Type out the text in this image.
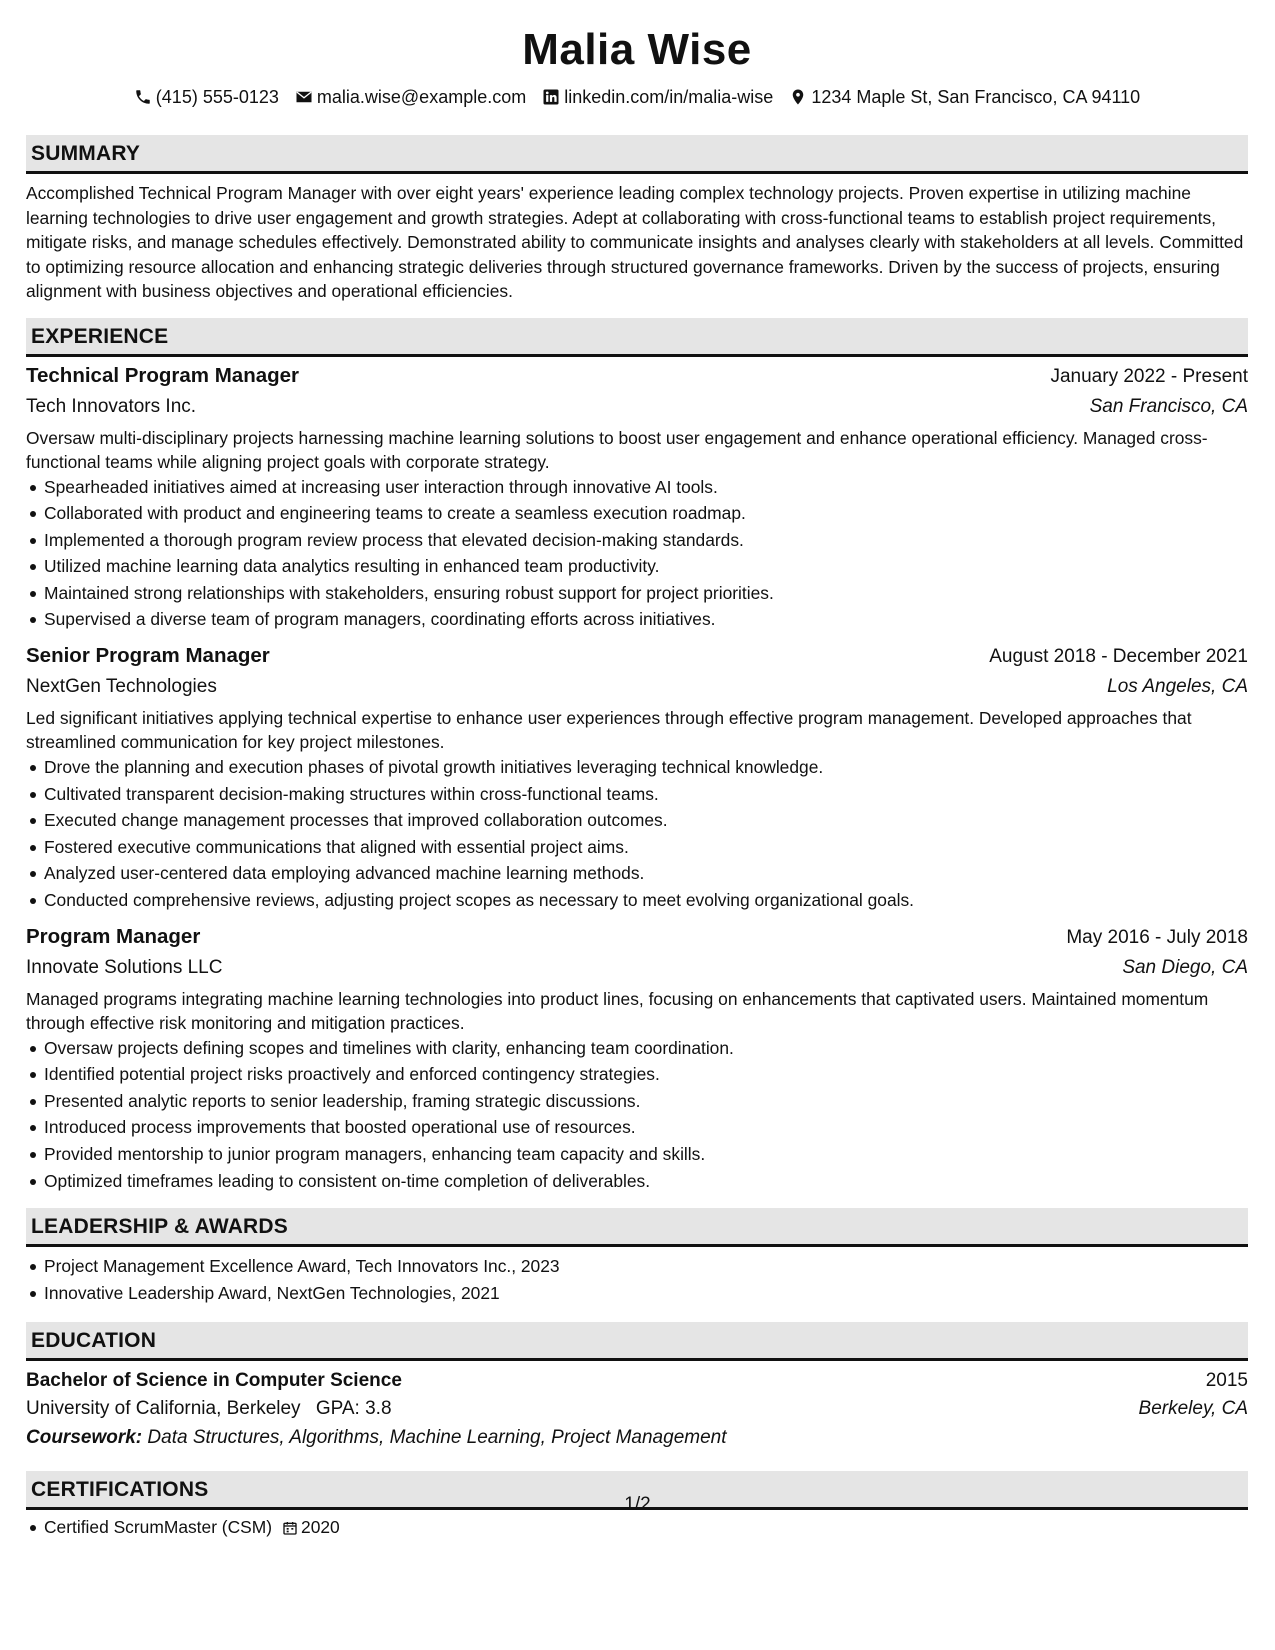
Malia Wise
(415) 555-0123 malia.wise@example.com linkedin.com/in/malia-wise 1234 Maple St, San Francisco, CA 94110
SUMMARY
Accomplished Technical Program Manager with over eight years' experience leading complex technology projects. Proven expertise in utilizing machine learning technologies to drive user engagement and growth strategies. Adept at collaborating with cross-functional teams to establish project requirements, mitigate risks, and manage schedules effectively. Demonstrated ability to communicate insights and analyses clearly with stakeholders at all levels. Committed to optimizing resource allocation and enhancing strategic deliveries through structured governance frameworks. Driven by the success of projects, ensuring alignment with business objectives and operational efficiencies.
EXPERIENCE
Technical Program Manager	January 2022 - Present
Tech Innovators Inc.	San Francisco, CA
Oversaw multi-disciplinary projects harnessing machine learning solutions to boost user engagement and enhance operational efficiency. Managed cross-functional teams while aligning project goals with corporate strategy.
Spearheaded initiatives aimed at increasing user interaction through innovative AI tools.
Collaborated with product and engineering teams to create a seamless execution roadmap.
Implemented a thorough program review process that elevated decision-making standards.
Utilized machine learning data analytics resulting in enhanced team productivity.
Maintained strong relationships with stakeholders, ensuring robust support for project priorities.
Supervised a diverse team of program managers, coordinating efforts across initiatives.
Senior Program Manager	August 2018 - December 2021
NextGen Technologies	Los Angeles, CA
Led significant initiatives applying technical expertise to enhance user experiences through effective program management. Developed approaches that streamlined communication for key project milestones.
Drove the planning and execution phases of pivotal growth initiatives leveraging technical knowledge.
Cultivated transparent decision-making structures within cross-functional teams.
Executed change management processes that improved collaboration outcomes.
Fostered executive communications that aligned with essential project aims.
Analyzed user-centered data employing advanced machine learning methods.
Conducted comprehensive reviews, adjusting project scopes as necessary to meet evolving organizational goals.
Program Manager	May 2016 - July 2018
Innovate Solutions LLC	San Diego, CA
Managed programs integrating machine learning technologies into product lines, focusing on enhancements that captivated users. Maintained momentum through effective risk monitoring and mitigation practices.
Oversaw projects defining scopes and timelines with clarity, enhancing team coordination.
Identified potential project risks proactively and enforced contingency strategies.
Presented analytic reports to senior leadership, framing strategic discussions.
Introduced process improvements that boosted operational use of resources.
Provided mentorship to junior program managers, enhancing team capacity and skills.
Optimized timeframes leading to consistent on-time completion of deliverables.
LEADERSHIP & AWARDS
Project Management Excellence Award, Tech Innovators Inc., 2023
Innovative Leadership Award, NextGen Technologies, 2021
EDUCATION
Bachelor of Science in Computer Science	2015
University of California, Berkeley GPA: 3.8	Berkeley, CA
Coursework: Data Structures, Algorithms, Machine Learning, Project Management
CERTIFICATIONS
Certified ScrumMaster (CSM) 2020
1/2
